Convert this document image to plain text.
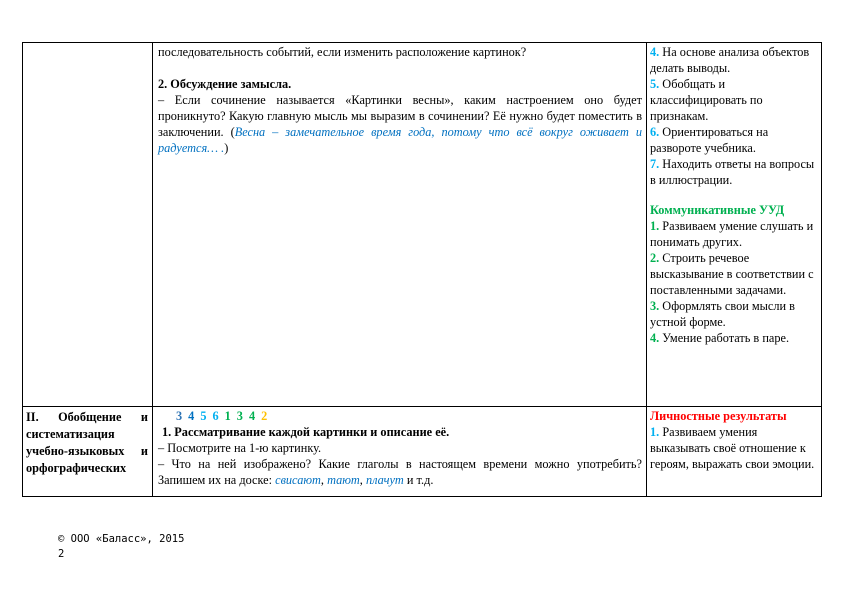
последовательность событий, если изменить расположение картинок?

2. Обсуждение замысла.

– Если сочинение называется «Картинки весны», каким настроением оно будет проникнуто? Какую главную мысль мы выразим в сочинении? Её нужно будет поместить в заключении. (Весна – замечательное время года, потому что всё вокруг оживает и радуется… .)

4. На основе анализа объектов делать выводы.

5. Обобщать и классифицировать по признакам.

6. Ориентироваться на развороте учебника.

7. Находить ответы на вопросы в иллюстрации.

Коммуникативные УУД

1. Развиваем умение слушать и понимать других.

2. Строить речевое высказывание в соответствии с поставленными задачами.

3. Оформлять свои мысли в устной форме.

4. Умение работать в паре.

II. Обобщение и систематизация учебно-языковых и орфографических

3 4 5 6 1 3 4 2

1. Рассматривание каждой картинки и описание её.

– Посмотрите на 1-ю картинку.

– Что на ней изображено? Какие глаголы в настоящем времени можно употребить? Запишем их на доске: свисают, тают, плачут и т.д.

Личностные результаты

1. Развиваем умения выказывать своё отношение к героям, выражать свои эмоции.

© ООО «Баласс», 2015
2
